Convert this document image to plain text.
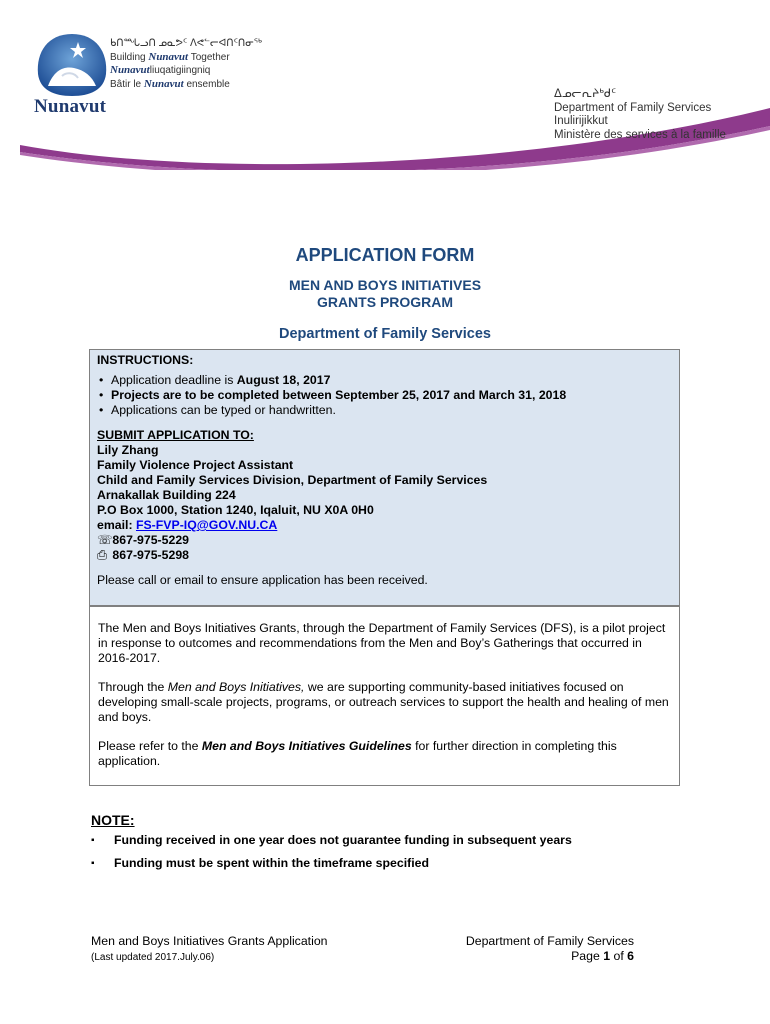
Nunavut
ᑲᑎᙵᓗᑎ ᓄᓇᕗᑦ ᐱᕙᓪᓕᐊᑎᑦᑎᓂᖅ
Building Nunavut Together
Nunavutliuqatigiingniq
Bâtir le Nunavut ensemble
ᐃᓄᓕᕆᔨᒃᑯᑦ
Department of Family Services
Inulirijikkut
Ministère des services à la famille
APPLICATION FORM
MEN AND BOYS INITIATIVES
GRANTS PROGRAM
Department of Family Services
INSTRUCTIONS:
• Application deadline is August 18, 2017
• Projects are to be completed between September 25, 2017 and March 31, 2018
• Applications can be typed or handwritten.
SUBMIT APPLICATION TO:
Lily Zhang
Family Violence Project Assistant
Child and Family Services Division, Department of Family Services
Arnakallak Building 224
P.O Box 1000, Station 1240, Iqaluit, NU X0A 0H0
email: FS-FVP-IQ@GOV.NU.CA
☏ 867-975-5229
⎙ 867-975-5298
Please call or email to ensure application has been received.

The Men and Boys Initiatives Grants, through the Department of Family Services (DFS), is a pilot project in response to outcomes and recommendations from the Men and Boy’s Gatherings that occurred in 2016-2017.

Through the Men and Boys Initiatives, we are supporting community-based initiatives focused on developing small-scale projects, programs, or outreach services to support the health and healing of men and boys.

Please refer to the Men and Boys Initiatives Guidelines for further direction in completing this application.

NOTE:
▪ Funding received in one year does not guarantee funding in subsequent years
▪ Funding must be spent within the timeframe specified
Men and Boys Initiatives Grants Application
(Last updated 2017.July.06)
Department of Family Services
Page 1 of 6
